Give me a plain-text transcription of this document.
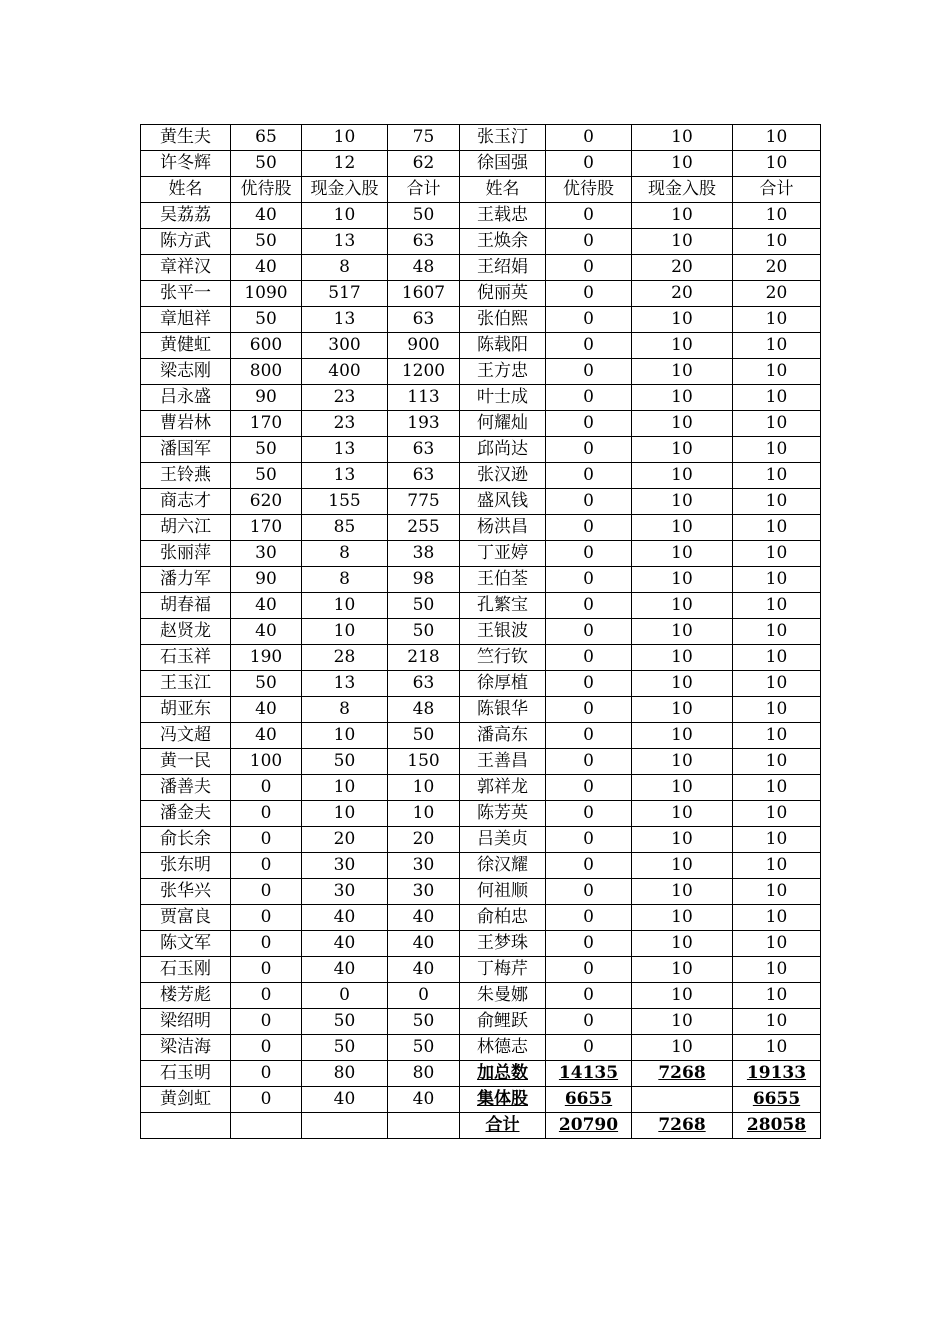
黄生夫	65	10	75	张玉汀	0	10	10
许冬辉	50	12	62	徐国强	0	10	10
姓名	优待股	现金入股	合计	姓名	优待股	现金入股	合计
吴荔荔	40	10	50	王载忠	0	10	10
陈方武	50	13	63	王焕余	0	10	10
章祥汉	40	8	48	王绍娟	0	20	20
张平一	1090	517	1607	倪丽英	0	20	20
章旭祥	50	13	63	张伯熙	0	10	10
黄健虹	600	300	900	陈载阳	0	10	10
梁志刚	800	400	1200	王方忠	0	10	10
吕永盛	90	23	113	叶士成	0	10	10
曹岩林	170	23	193	何耀灿	0	10	10
潘国军	50	13	63	邱尚达	0	10	10
王铃燕	50	13	63	张汉逊	0	10	10
商志才	620	155	775	盛风钱	0	10	10
胡六江	170	85	255	杨洪昌	0	10	10
张丽萍	30	8	38	丁亚婷	0	10	10
潘力军	90	8	98	王伯荃	0	10	10
胡春福	40	10	50	孔繁宝	0	10	10
赵贤龙	40	10	50	王银波	0	10	10
石玉祥	190	28	218	竺行钦	0	10	10
王玉江	50	13	63	徐厚植	0	10	10
胡亚东	40	8	48	陈银华	0	10	10
冯文超	40	10	50	潘高东	0	10	10
黄一民	100	50	150	王善昌	0	10	10
潘善夫	0	10	10	郭祥龙	0	10	10
潘金夫	0	10	10	陈芳英	0	10	10
俞长余	0	20	20	吕美贞	0	10	10
张东明	0	30	30	徐汉耀	0	10	10
张华兴	0	30	30	何祖顺	0	10	10
贾富良	0	40	40	俞柏忠	0	10	10
陈文军	0	40	40	王梦珠	0	10	10
石玉刚	0	40	40	丁梅芹	0	10	10
楼芳彪	0	0	0	朱曼娜	0	10	10
梁绍明	0	50	50	俞鲤跃	0	10	10
梁洁海	0	50	50	林德志	0	10	10
石玉明	0	80	80	加总数	14135	7268	19133
黄剑虹	0	40	40	集体股	6655		6655
				合计	20790	7268	28058
